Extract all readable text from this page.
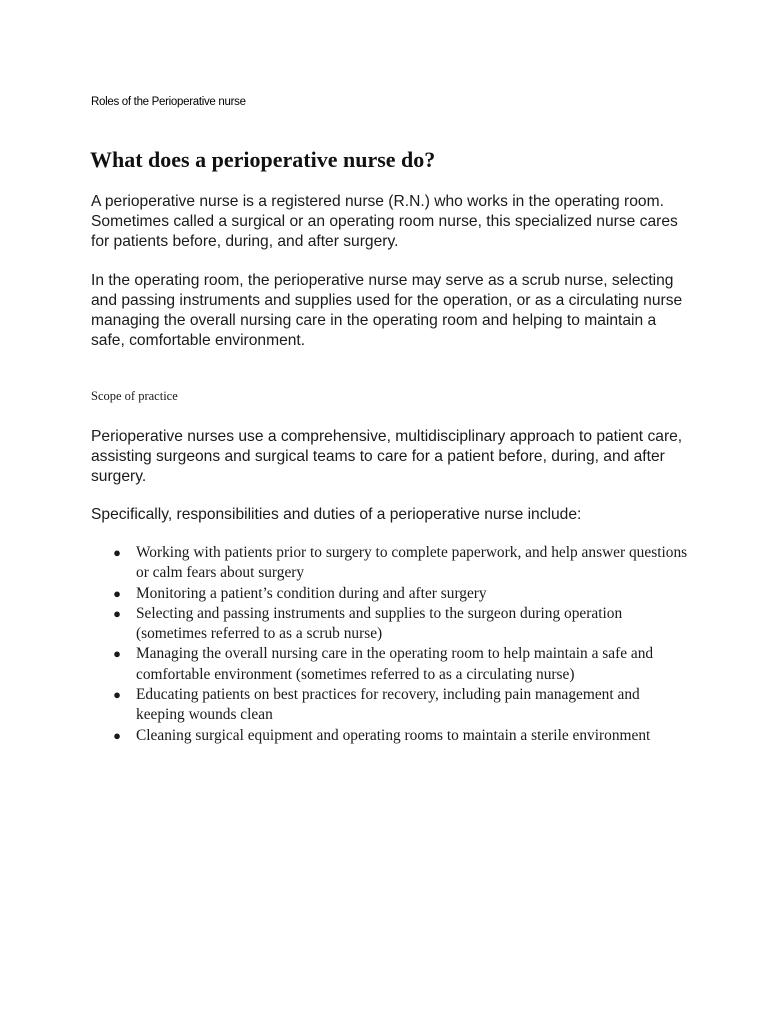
Roles of the Perioperative nurse

What does a perioperative nurse do?

A perioperative nurse is a registered nurse (R.N.) who works in the operating room. Sometimes called a surgical or an operating room nurse, this specialized nurse cares for patients before, during, and after surgery.

In the operating room, the perioperative nurse may serve as a scrub nurse, selecting and passing instruments and supplies used for the operation, or as a circulating nurse managing the overall nursing care in the operating room and helping to maintain a safe, comfortable environment.

Scope of practice

Perioperative nurses use a comprehensive, multidisciplinary approach to patient care, assisting surgeons and surgical teams to care for a patient before, during, and after surgery.

Specifically, responsibilities and duties of a perioperative nurse include:

● Working with patients prior to surgery to complete paperwork, and help answer questions or calm fears about surgery
● Monitoring a patient’s condition during and after surgery
● Selecting and passing instruments and supplies to the surgeon during operation (sometimes referred to as a scrub nurse)
● Managing the overall nursing care in the operating room to help maintain a safe and comfortable environment (sometimes referred to as a circulating nurse)
● Educating patients on best practices for recovery, including pain management and keeping wounds clean
● Cleaning surgical equipment and operating rooms to maintain a sterile environment
